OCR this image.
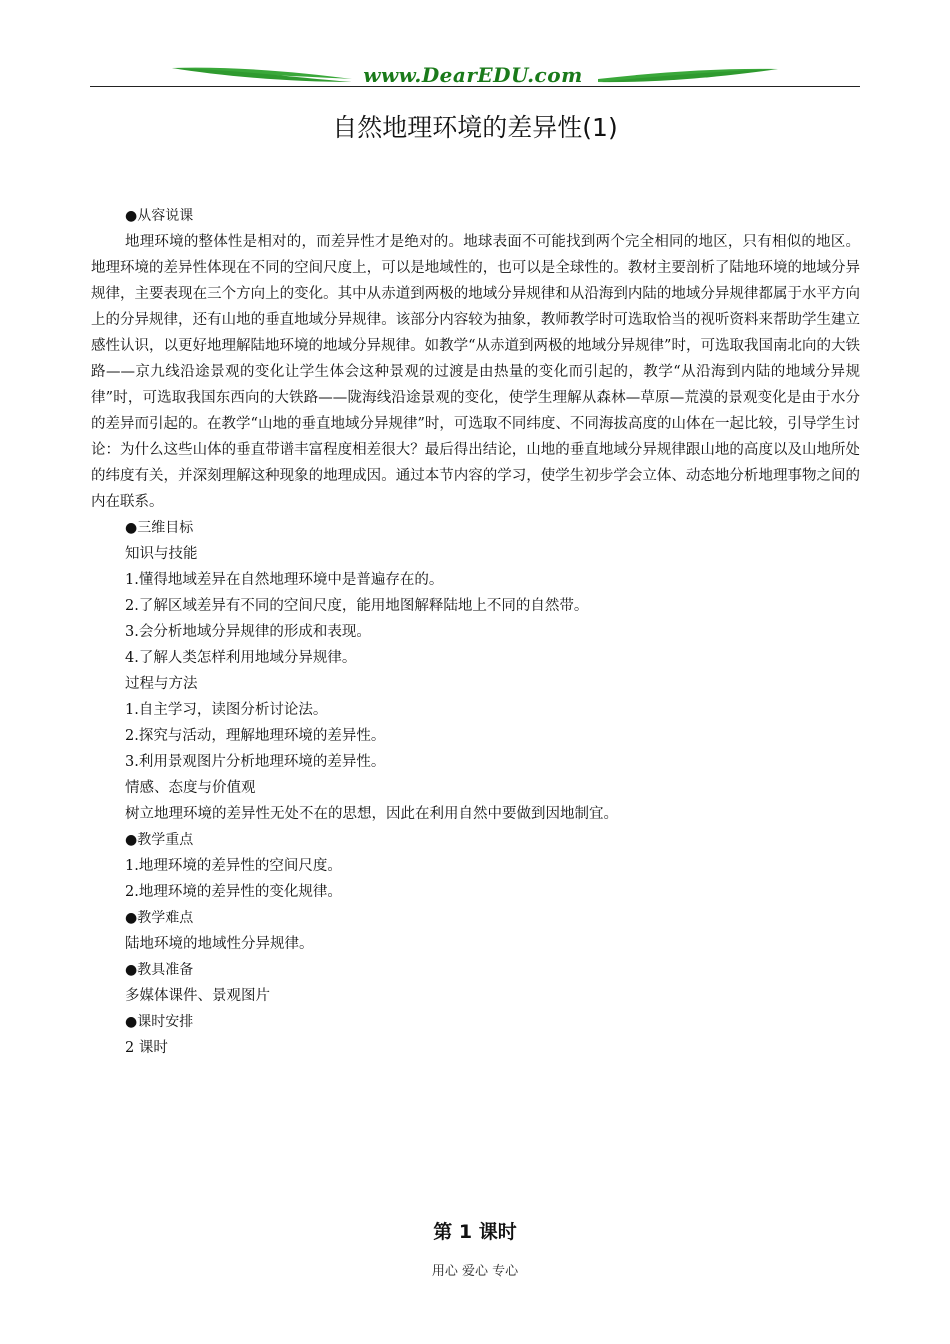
www.DearEDU.com
自然地理环境的差异性(1)

●从容说课

地理环境的整体性是相对的，而差异性才是绝对的。地球表面不可能找到两个完全相同的地区，只有相似的地区。地理环境的差异性体现在不同的空间尺度上，可以是地域性的，也可以是全球性的。教材主要剖析了陆地环境的地域分异规律，主要表现在三个方向上的变化。其中从赤道到两极的地域分异规律和从沿海到内陆的地域分异规律都属于水平方向上的分异规律，还有山地的垂直地域分异规律。该部分内容较为抽象，教师教学时可选取恰当的视听资料来帮助学生建立感性认识，以更好地理解陆地环境的地域分异规律。如教学“从赤道到两极的地域分异规律”时，可选取我国南北向的大铁路——京九线沿途景观的变化让学生体会这种景观的过渡是由热量的变化而引起的，教学“从沿海到内陆的地域分异规律”时，可选取我国东西向的大铁路——陇海线沿途景观的变化，使学生理解从森林—草原—荒漠的景观变化是由于水分的差异而引起的。在教学“山地的垂直地域分异规律”时，可选取不同纬度、不同海拔高度的山体在一起比较，引导学生讨论：为什么这些山体的垂直带谱丰富程度相差很大？最后得出结论，山地的垂直地域分异规律跟山地的高度以及山地所处的纬度有关，并深刻理解这种现象的地理成因。通过本节内容的学习，使学生初步学会立体、动态地分析地理事物之间的内在联系。

●三维目标

知识与技能

1.懂得地域差异在自然地理环境中是普遍存在的。

2.了解区域差异有不同的空间尺度，能用地图解释陆地上不同的自然带。

3.会分析地域分异规律的形成和表现。

4.了解人类怎样利用地域分异规律。

过程与方法

1.自主学习，读图分析讨论法。

2.探究与活动，理解地理环境的差异性。

3.利用景观图片分析地理环境的差异性。

情感、态度与价值观

树立地理环境的差异性无处不在的思想，因此在利用自然中要做到因地制宜。

●教学重点

1.地理环境的差异性的空间尺度。

2.地理环境的差异性的变化规律。

●教学难点

陆地环境的地域性分异规律。

●教具准备

多媒体课件、景观图片

●课时安排

2 课时

第 1 课时
用心 爱心 专心
